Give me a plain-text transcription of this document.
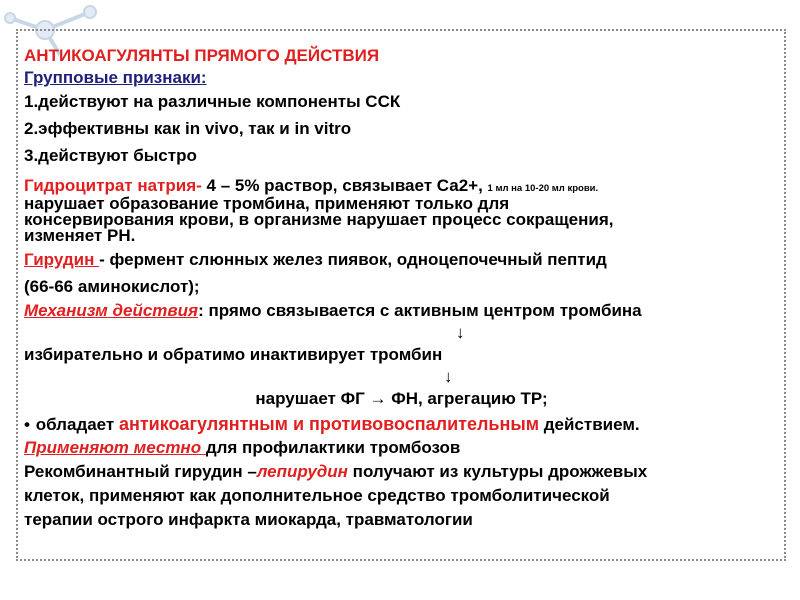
АНТИКОАГУЛЯНТЫ ПРЯМОГО ДЕЙСТВИЯ
Групповые признаки:
1.действуют на различные компоненты ССК
2.эффективны как in vivo, так и in vitro
3.действуют быстро
Гидроцитрат натрия- 4 – 5% раствор, связывает Са2+, 1 мл на 10-20 мл крови.
нарушает образование тромбина, применяют только для
консервирования крови, в организме нарушает процесс сокращения,
изменяет PH.
Гирудин - фермент слюнных желез пиявок, одноцепочечный пептид
(66-66 аминокислот);
Механизм действия: прямо связывается с активным центром тромбина
↓
избирательно и обратимо инактивирует тромбин
↓
нарушает ФГ → ФН, агрегацию ТР;
• обладает антикоагулянтным и противовоспалительным действием.
Применяют местно для профилактики тромбозов
Рекомбинантный гирудин –лепирудин получают из культуры дрожжевых
клеток, применяют как дополнительное средство тромболитической
терапии острого инфаркта миокарда, травматологии
